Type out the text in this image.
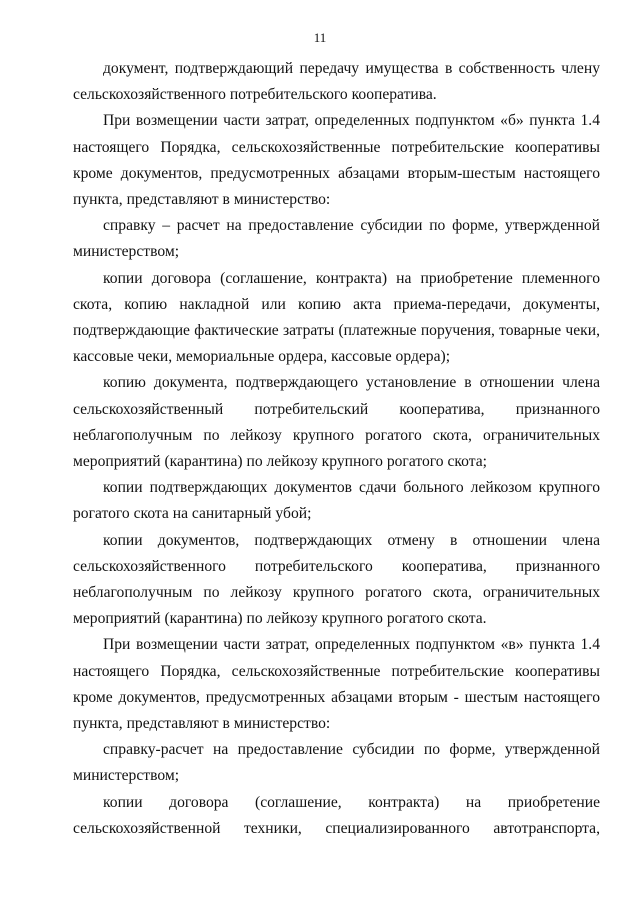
11

документ, подтверждающий передачу имущества в собственность члену сельскохозяйственного потребительского кооператива.

При возмещении части затрат, определенных подпунктом «б» пункта 1.4 настоящего Порядка, сельскохозяйственные потребительские кооперативы кроме документов, предусмотренных абзацами вторым-шестым настоящего пункта, представляют в министерство:

справку – расчет на предоставление субсидии по форме, утвержденной министерством;

копии договора (соглашение, контракта) на приобретение племенного скота, копию накладной или копию акта приема-передачи, документы, подтверждающие фактические затраты (платежные поручения, товарные чеки, кассовые чеки, мемориальные ордера, кассовые ордера);

копию документа, подтверждающего установление в отношении члена сельскохозяйственный потребительский кооператива, признанного неблагополучным по лейкозу крупного рогатого скота, ограничительных мероприятий (карантина) по лейкозу крупного рогатого скота;

копии подтверждающих документов сдачи больного лейкозом крупного рогатого скота на санитарный убой;

копии документов, подтверждающих отмену в отношении члена сельскохозяйственного потребительского кооператива, признанного неблагополучным по лейкозу крупного рогатого скота, ограничительных мероприятий (карантина) по лейкозу крупного рогатого скота.

При возмещении части затрат, определенных подпунктом «в» пункта 1.4 настоящего Порядка, сельскохозяйственные потребительские кооперативы кроме документов, предусмотренных абзацами вторым - шестым настоящего пункта, представляют в министерство:

справку-расчет на предоставление субсидии по форме, утвержденной министерством;

копии договора (соглашение, контракта) на приобретение сельскохозяйственной техники, специализированного автотранспорта,
